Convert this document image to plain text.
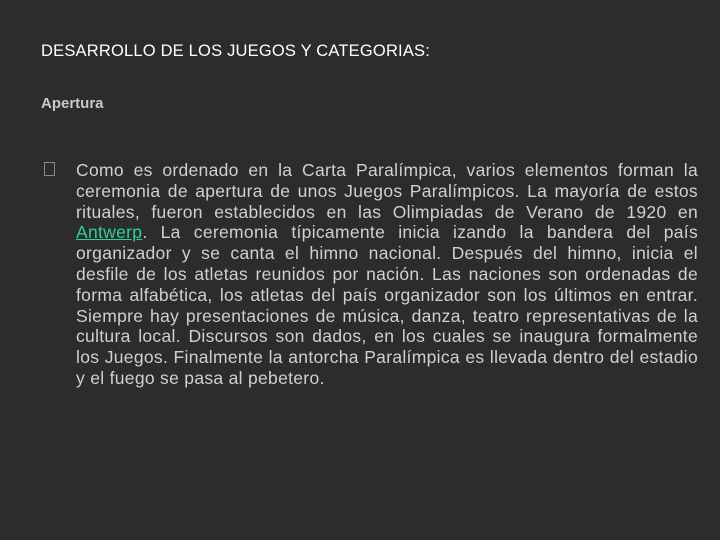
DESARROLLO DE LOS JUEGOS Y CATEGORIAS:
Apertura
Como es ordenado en la Carta Paralímpica, varios elementos forman la ceremonia de apertura de unos Juegos Paralímpicos. La mayoría de estos rituales, fueron establecidos en las Olimpiadas de Verano de 1920 en Antwerp. La ceremonia típicamente inicia izando la bandera del país organizador y se canta el himno nacional. Después del himno, inicia el desfile de los atletas reunidos por nación. Las naciones son ordenadas de forma alfabética, los atletas del país organizador son los últimos en entrar. Siempre hay presentaciones de música, danza, teatro representativas de la cultura local. Discursos son dados, en los cuales se inaugura formalmente los Juegos. Finalmente la antorcha Paralímpica es llevada dentro del estadio y el fuego se pasa al pebetero.
